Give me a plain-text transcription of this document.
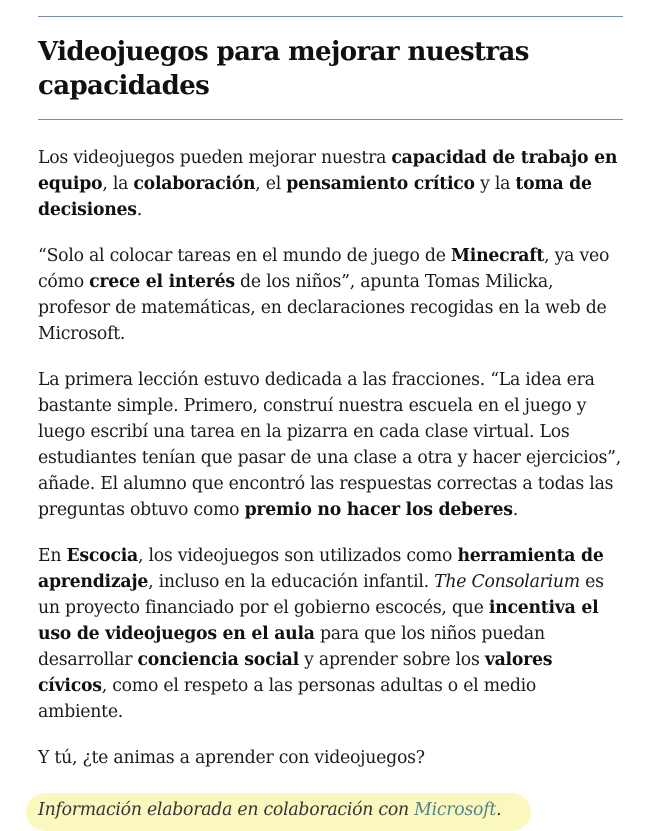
Videojuegos para mejorar nuestras capacidades

Los videojuegos pueden mejorar nuestra capacidad de trabajo en equipo, la colaboración, el pensamiento crítico y la toma de decisiones.

“Solo al colocar tareas en el mundo de juego de Minecraft, ya veo cómo crece el interés de los niños”, apunta Tomas Milicka, profesor de matemáticas, en declaraciones recogidas en la web de Microsoft.

La primera lección estuvo dedicada a las fracciones. “La idea era bastante simple. Primero, construí nuestra escuela en el juego y luego escribí una tarea en la pizarra en cada clase virtual. Los estudiantes tenían que pasar de una clase a otra y hacer ejercicios”, añade. El alumno que encontró las respuestas correctas a todas las preguntas obtuvo como premio no hacer los deberes.

En Escocia, los videojuegos son utilizados como herramienta de aprendizaje, incluso en la educación infantil. The Consolarium es un proyecto financiado por el gobierno escocés, que incentiva el uso de videojuegos en el aula para que los niños puedan desarrollar conciencia social y aprender sobre los valores cívicos, como el respeto a las personas adultas o el medio ambiente.

Y tú, ¿te animas a aprender con videojuegos?

Información elaborada en colaboración con Microsoft.
